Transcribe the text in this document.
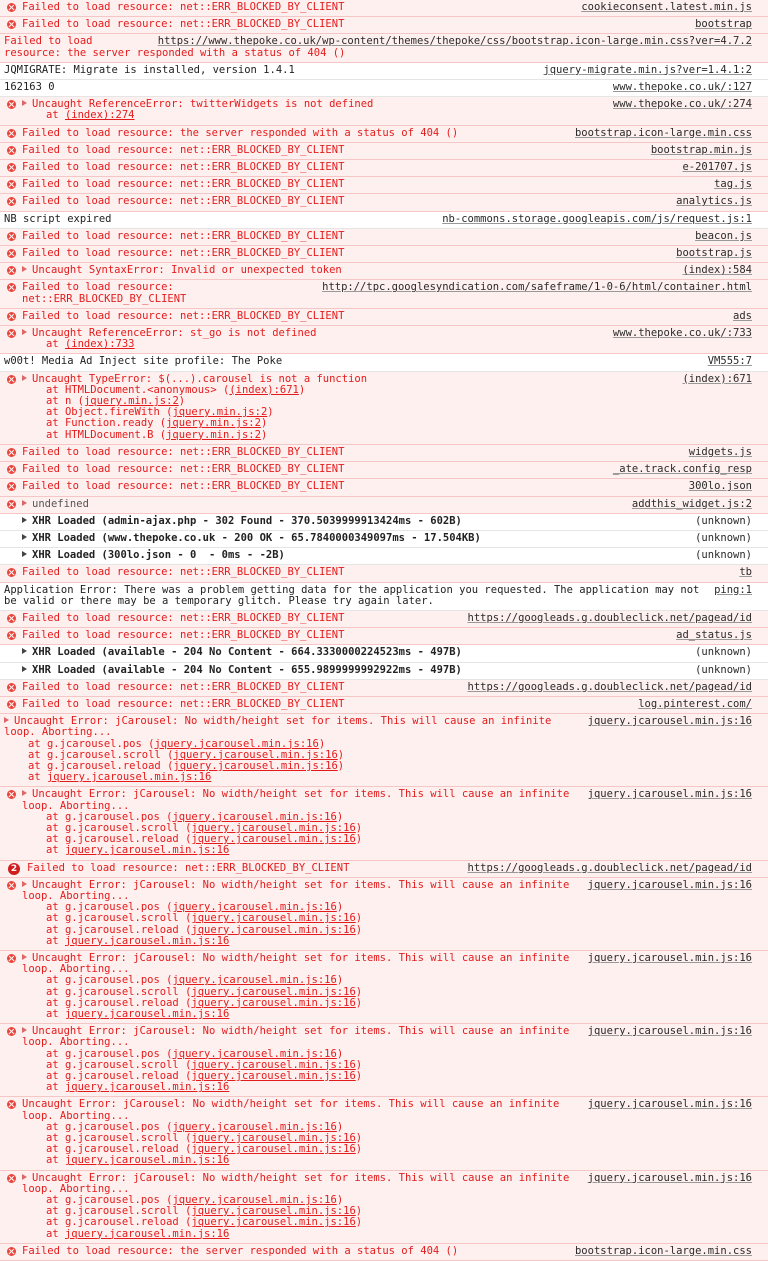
cookieconsent.latest.min.js
Failed to load resource: net::ERR_BLOCKED_BY_CLIENT
bootstrap
Failed to load resource: net::ERR_BLOCKED_BY_CLIENT
https://www.thepoke.co.uk/wp-content/themes/thepoke/css/bootstrap.icon-large.min.css?ver=4.7.2
Failed to load resource: the server responded with a status of 404 ()
jquery-migrate.min.js?ver=1.4.1:2
JQMIGRATE: Migrate is installed, version 1.4.1
www.thepoke.co.uk/:127
162163 0
www.thepoke.co.uk/:274
Uncaught ReferenceError: twitterWidgets is not defined
at (index):274
bootstrap.icon-large.min.css
Failed to load resource: the server responded with a status of 404 ()
bootstrap.min.js
Failed to load resource: net::ERR_BLOCKED_BY_CLIENT
e-201707.js
Failed to load resource: net::ERR_BLOCKED_BY_CLIENT
tag.js
Failed to load resource: net::ERR_BLOCKED_BY_CLIENT
analytics.js
Failed to load resource: net::ERR_BLOCKED_BY_CLIENT
nb-commons.storage.googleapis.com/js/request.js:1
NB script expired
beacon.js
Failed to load resource: net::ERR_BLOCKED_BY_CLIENT
bootstrap.js
Failed to load resource: net::ERR_BLOCKED_BY_CLIENT
(index):584
Uncaught SyntaxError: Invalid or unexpected token
http://tpc.googlesyndication.com/safeframe/1-0-6/html/container.html
Failed to load resource: net::ERR_BLOCKED_BY_CLIENT
ads
Failed to load resource: net::ERR_BLOCKED_BY_CLIENT
www.thepoke.co.uk/:733
Uncaught ReferenceError: st_go is not defined
at (index):733
VM555:7
w00t! Media Ad Inject site profile: The Poke
(index):671
Uncaught TypeError: $(...).carousel is not a function
at HTMLDocument.<anonymous> ((index):671)
at n (jquery.min.js:2)
at Object.fireWith (jquery.min.js:2)
at Function.ready (jquery.min.js:2)
at HTMLDocument.B (jquery.min.js:2)
widgets.js
Failed to load resource: net::ERR_BLOCKED_BY_CLIENT
_ate.track.config_resp
Failed to load resource: net::ERR_BLOCKED_BY_CLIENT
300lo.json
Failed to load resource: net::ERR_BLOCKED_BY_CLIENT
addthis_widget.js:2
undefined
(unknown)
XHR Loaded (admin-ajax.php - 302 Found - 370.5039999913424ms - 602B)
(unknown)
XHR Loaded (www.thepoke.co.uk - 200 OK - 65.7840000349097ms - 17.504KB)
(unknown)
XHR Loaded (300lo.json - 0  - 0ms - -2B)
tb
Failed to load resource: net::ERR_BLOCKED_BY_CLIENT
ping:1
Application Error: There was a problem getting data for the application you requested. The application may not be valid or there may be a temporary glitch. Please try again later.
https://googleads.g.doubleclick.net/pagead/id
Failed to load resource: net::ERR_BLOCKED_BY_CLIENT
ad_status.js
Failed to load resource: net::ERR_BLOCKED_BY_CLIENT
(unknown)
XHR Loaded (available - 204 No Content - 664.3330000224523ms - 497B)
(unknown)
XHR Loaded (available - 204 No Content - 655.9899999992922ms - 497B)
https://googleads.g.doubleclick.net/pagead/id
Failed to load resource: net::ERR_BLOCKED_BY_CLIENT
log.pinterest.com/
Failed to load resource: net::ERR_BLOCKED_BY_CLIENT
jquery.jcarousel.min.js:16
Uncaught Error: jCarousel: No width/height set for items. This will cause an infinite loop. Aborting...
at g.jcarousel.pos (jquery.jcarousel.min.js:16)
at g.jcarousel.scroll (jquery.jcarousel.min.js:16)
at g.jcarousel.reload (jquery.jcarousel.min.js:16)
at jquery.jcarousel.min.js:16
jquery.jcarousel.min.js:16
Uncaught Error: jCarousel: No width/height set for items. This will cause an infinite loop. Aborting...
at g.jcarousel.pos (jquery.jcarousel.min.js:16)
at g.jcarousel.scroll (jquery.jcarousel.min.js:16)
at g.jcarousel.reload (jquery.jcarousel.min.js:16)
at jquery.jcarousel.min.js:16
2	https://googleads.g.doubleclick.net/pagead/id
Failed to load resource: net::ERR_BLOCKED_BY_CLIENT
jquery.jcarousel.min.js:16
Uncaught Error: jCarousel: No width/height set for items. This will cause an infinite loop. Aborting...
at g.jcarousel.pos (jquery.jcarousel.min.js:16)
at g.jcarousel.scroll (jquery.jcarousel.min.js:16)
at g.jcarousel.reload (jquery.jcarousel.min.js:16)
at jquery.jcarousel.min.js:16
jquery.jcarousel.min.js:16
Uncaught Error: jCarousel: No width/height set for items. This will cause an infinite loop. Aborting...
at g.jcarousel.pos (jquery.jcarousel.min.js:16)
at g.jcarousel.scroll (jquery.jcarousel.min.js:16)
at g.jcarousel.reload (jquery.jcarousel.min.js:16)
at jquery.jcarousel.min.js:16
jquery.jcarousel.min.js:16
Uncaught Error: jCarousel: No width/height set for items. This will cause an infinite loop. Aborting...
at g.jcarousel.pos (jquery.jcarousel.min.js:16)
at g.jcarousel.scroll (jquery.jcarousel.min.js:16)
at g.jcarousel.reload (jquery.jcarousel.min.js:16)
at jquery.jcarousel.min.js:16
jquery.jcarousel.min.js:16
Uncaught Error: jCarousel: No width/height set for items. This will cause an infinite loop. Aborting...
at g.jcarousel.pos (jquery.jcarousel.min.js:16)
at g.jcarousel.scroll (jquery.jcarousel.min.js:16)
at g.jcarousel.reload (jquery.jcarousel.min.js:16)
at jquery.jcarousel.min.js:16
jquery.jcarousel.min.js:16
Uncaught Error: jCarousel: No width/height set for items. This will cause an infinite loop. Aborting...
at g.jcarousel.pos (jquery.jcarousel.min.js:16)
at g.jcarousel.scroll (jquery.jcarousel.min.js:16)
at g.jcarousel.reload (jquery.jcarousel.min.js:16)
at jquery.jcarousel.min.js:16
bootstrap.icon-large.min.css
Failed to load resource: the server responded with a status of 404 ()
